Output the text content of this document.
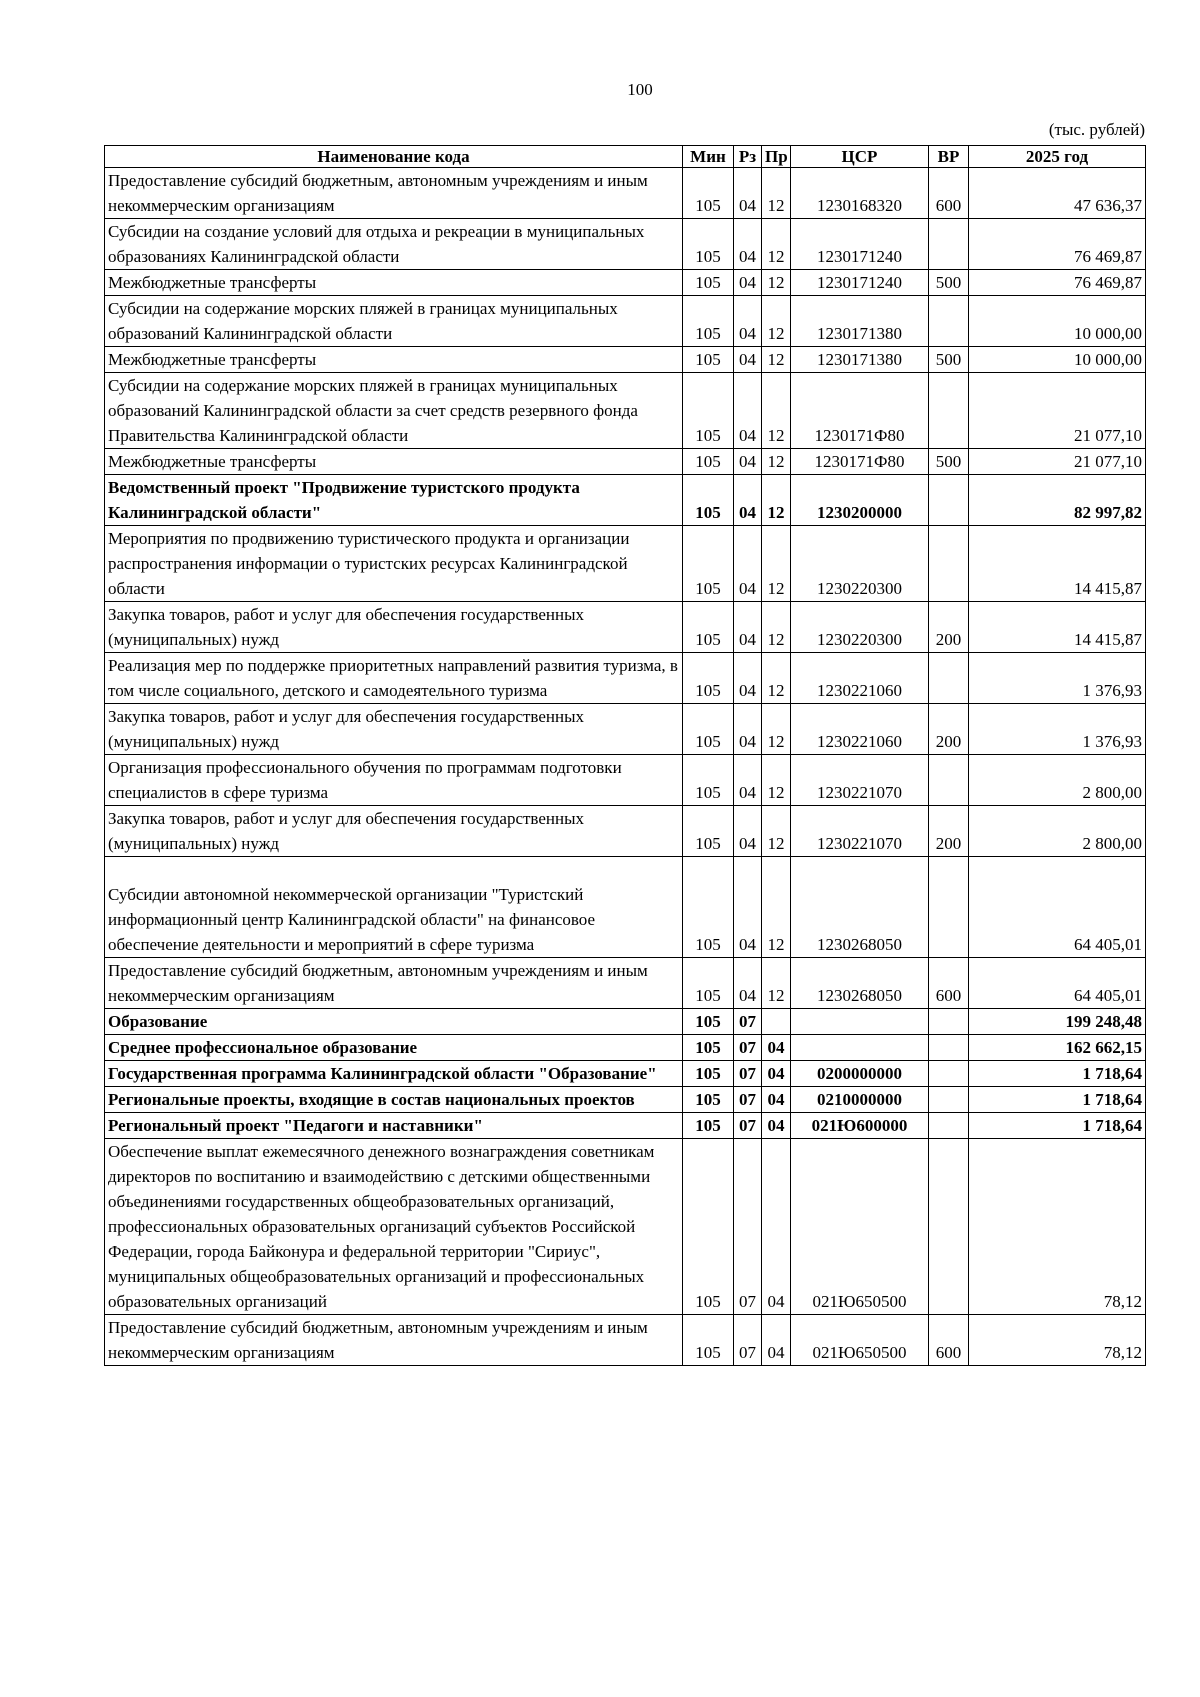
100
(тыс. рублей)
Наименование кода	Мин	Рз	Пр	ЦСР	ВР	2025 год
Предоставление субсидий бюджетным, автономным учреждениям и иным некоммерческим организациям	105	04	12	1230168320	600	47 636,37
Субсидии на создание условий для отдыха и рекреации в муниципальных образованиях Калининградской области	105	04	12	1230171240		76 469,87
Межбюджетные трансферты	105	04	12	1230171240	500	76 469,87
Субсидии на содержание морских пляжей в границах муниципальных образований Калининградской области	105	04	12	1230171380		10 000,00
Межбюджетные трансферты	105	04	12	1230171380	500	10 000,00
Субсидии на содержание морских пляжей в границах муниципальных образований Калининградской области за счет средств резервного фонда Правительства Калининградской области	105	04	12	1230171Ф80		21 077,10
Межбюджетные трансферты	105	04	12	1230171Ф80	500	21 077,10
Ведомственный проект "Продвижение туристского продукта Калининградской области"	105	04	12	1230200000		82 997,82
Мероприятия по продвижению туристического продукта и организации распространения информации о туристских ресурсах Калининградской области	105	04	12	1230220300		14 415,87
Закупка товаров, работ и услуг для обеспечения государственных (муниципальных) нужд	105	04	12	1230220300	200	14 415,87
Реализация мер по поддержке приоритетных направлений развития туризма, в том числе социального, детского и самодеятельного туризма	105	04	12	1230221060		1 376,93
Закупка товаров, работ и услуг для обеспечения государственных (муниципальных) нужд	105	04	12	1230221060	200	1 376,93
Организация профессионального обучения по программам подготовки специалистов в сфере туризма	105	04	12	1230221070		2 800,00
Закупка товаров, работ и услуг для обеспечения государственных (муниципальных) нужд	105	04	12	1230221070	200	2 800,00
Субсидии автономной некоммерческой организации "Туристский информационный центр Калининградской области" на финансовое обеспечение деятельности и мероприятий в сфере туризма	105	04	12	1230268050		64 405,01
Предоставление субсидий бюджетным, автономным учреждениям и иным некоммерческим организациям	105	04	12	1230268050	600	64 405,01
Образование	105	07				199 248,48
Среднее профессиональное образование	105	07	04			162 662,15
Государственная программа Калининградской области "Образование"	105	07	04	0200000000		1 718,64
Региональные проекты, входящие в состав национальных проектов	105	07	04	0210000000		1 718,64
Региональный проект "Педагоги и наставники"	105	07	04	021Ю600000		1 718,64
Обеспечение выплат ежемесячного денежного вознаграждения советникам директоров по воспитанию и взаимодействию с детскими общественными объединениями государственных общеобразовательных организаций, профессиональных образовательных организаций субъектов Российской Федерации, города Байконура и федеральной территории "Сириус", муниципальных общеобразовательных организаций и профессиональных образовательных организаций	105	07	04	021Ю650500		78,12
Предоставление субсидий бюджетным, автономным учреждениям и иным некоммерческим организациям	105	07	04	021Ю650500	600	78,12
